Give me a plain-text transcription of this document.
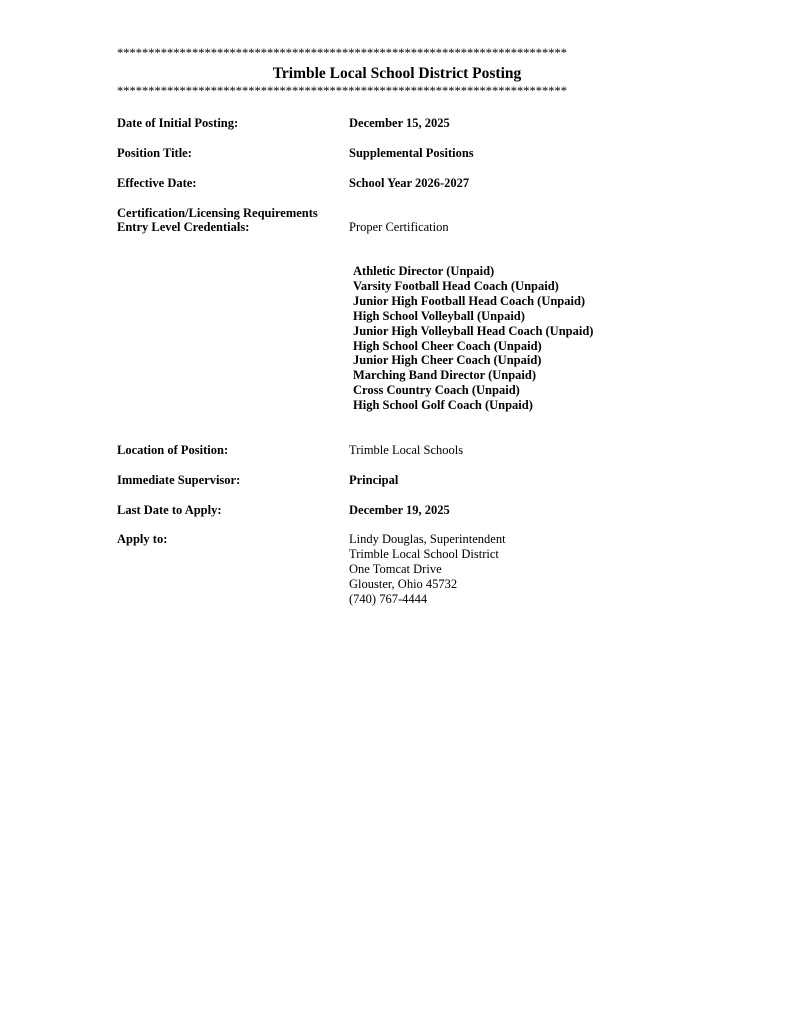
************************************************************************
Trimble Local School District Posting
************************************************************************
Date of Initial Posting:	December 15, 2025
Position Title:	Supplemental Positions
Effective Date:	School Year 2026-2027
Certification/Licensing Requirements
Entry Level Credentials:	Proper Certification
Athletic Director (Unpaid)
Varsity Football Head Coach (Unpaid)
Junior High Football Head Coach (Unpaid)
High School Volleyball (Unpaid)
Junior High Volleyball Head Coach (Unpaid)
High School Cheer Coach (Unpaid)
Junior High Cheer Coach (Unpaid)
Marching Band Director (Unpaid)
Cross Country Coach (Unpaid)
High School Golf Coach (Unpaid)
Location of Position:	Trimble Local Schools
Immediate Supervisor:	Principal
Last Date to Apply:	December 19, 2025
Apply to:	Lindy Douglas, Superintendent
Trimble Local School District
One Tomcat Drive
Glouster, Ohio 45732
(740) 767-4444
